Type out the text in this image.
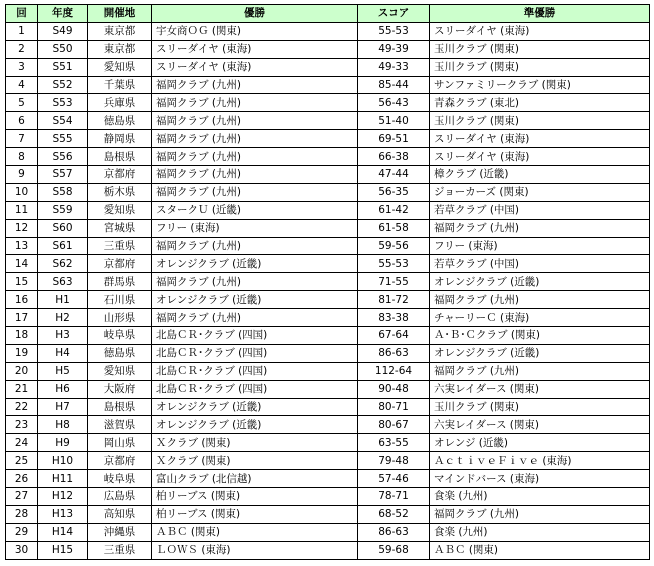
回	年度	開催地	優勝	スコア	準優勝
1	S49	東京都	宇女商ＯＧ (関東)	55-53	スリーダイヤ (東海)
2	S50	東京都	スリーダイヤ (東海)	49-39	玉川クラブ (関東)
3	S51	愛知県	スリーダイヤ (東海)	49-33	玉川クラブ (関東)
4	S52	千葉県	福岡クラブ (九州)	85-44	サンファミリークラブ (関東)
5	S53	兵庫県	福岡クラブ (九州)	56-43	青森クラブ (東北)
6	S54	徳島県	福岡クラブ (九州)	51-40	玉川クラブ (関東)
7	S55	静岡県	福岡クラブ (九州)	69-51	スリーダイヤ (東海)
8	S56	島根県	福岡クラブ (九州)	66-38	スリーダイヤ (東海)
9	S57	京都府	福岡クラブ (九州)	47-44	樟クラブ (近畿)
10	S58	栃木県	福岡クラブ (九州)	56-35	ジョーカーズ (関東)
11	S59	愛知県	スタークＵ (近畿)	61-42	若草クラブ (中国)
12	S60	宮城県	フリー (東海)	61-58	福岡クラブ (九州)
13	S61	三重県	福岡クラブ (九州)	59-56	フリー (東海)
14	S62	京都府	オレンジクラブ (近畿)	55-53	若草クラブ (中国)
15	S63	群馬県	福岡クラブ (九州)	71-55	オレンジクラブ (近畿)
16	H1	石川県	オレンジクラブ (近畿)	81-72	福岡クラブ (九州)
17	H2	山形県	福岡クラブ (九州)	83-38	チャーリーＣ (東海)
18	H3	岐阜県	北島ＣＲ･クラブ (四国)	67-64	Ａ･Ｂ･Ｃクラブ (関東)
19	H4	徳島県	北島ＣＲ･クラブ (四国)	86-63	オレンジクラブ (近畿)
20	H5	愛知県	北島ＣＲ･クラブ (四国)	112-64	福岡クラブ (九州)
21	H6	大阪府	北島ＣＲ･クラブ (四国)	90-48	六実レイダース (関東)
22	H7	島根県	オレンジクラブ (近畿)	80-71	玉川クラブ (関東)
23	H8	滋賀県	オレンジクラブ (近畿)	80-67	六実レイダース (関東)
24	H9	岡山県	Ｘクラブ (関東)	63-55	オレンジ (近畿)
25	H10	京都府	Ｘクラブ (関東)	79-48	ＡｃｔｉｖｅＦｉｖｅ (東海)
26	H11	岐阜県	富山クラブ (北信越)	57-46	マインドバース (東海)
27	H12	広島県	柏リーブス (関東)	78-71	食楽 (九州)
28	H13	高知県	柏リーブス (関東)	68-52	福岡クラブ (九州)
29	H14	沖縄県	ＡＢＣ (関東)	86-63	食楽 (九州)
30	H15	三重県	ＬＯＷＳ (東海)	59-68	ＡＢＣ (関東)
